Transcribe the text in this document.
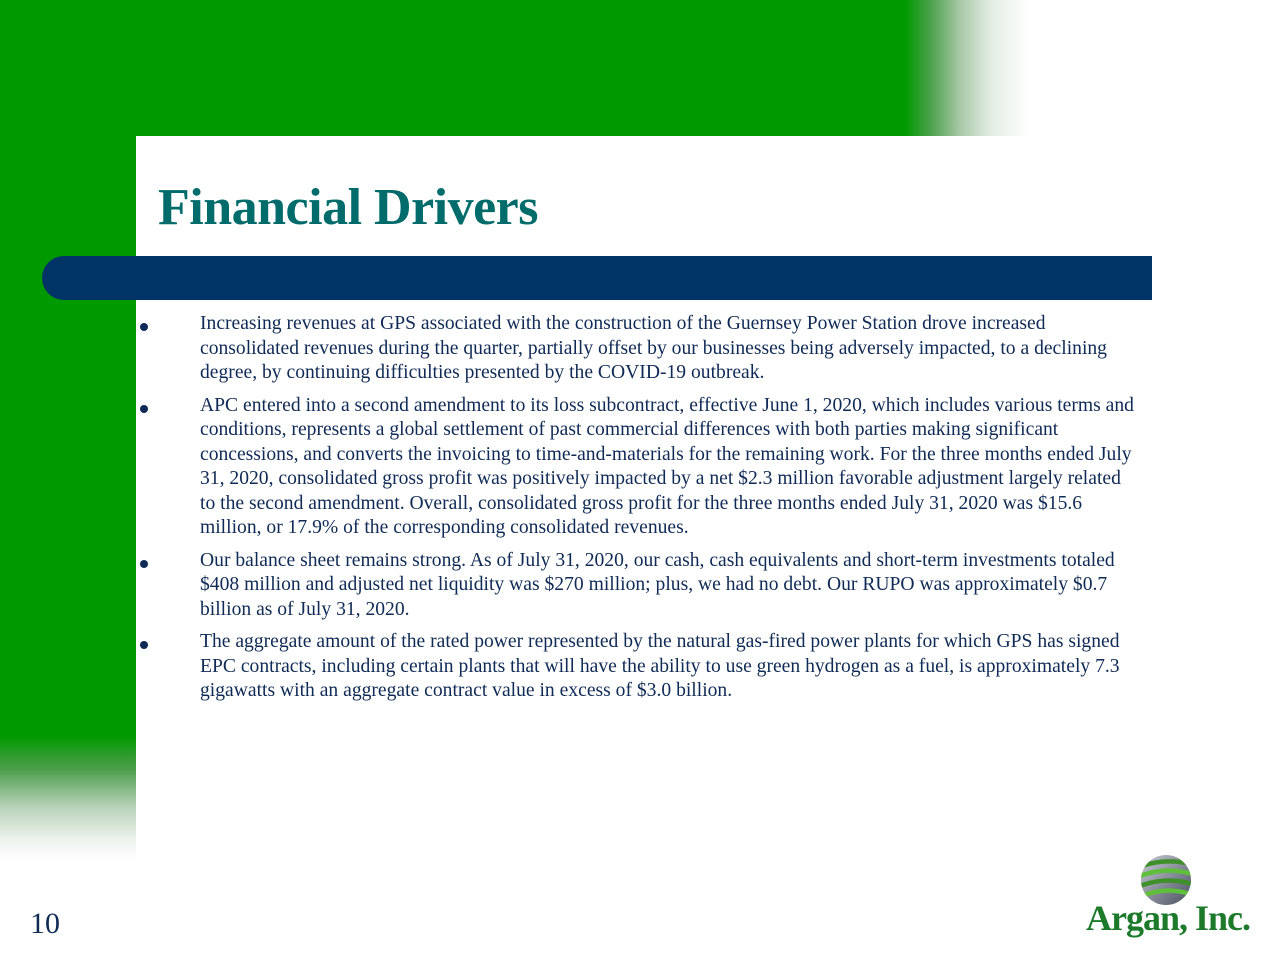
Financial Drivers
Increasing revenues at GPS associated with the construction of the Guernsey Power Station drove increased consolidated revenues during the quarter, partially offset by our businesses being adversely impacted, to a declining degree, by continuing difficulties presented by the COVID-19 outbreak.
APC entered into a second amendment to its loss subcontract, effective June 1, 2020, which includes various terms and conditions, represents a global settlement of past commercial differences with both parties making significant concessions, and converts the invoicing to time-and-materials for the remaining work. For the three months ended July 31, 2020, consolidated gross profit was positively impacted by a net $2.3 million favorable adjustment largely related to the second amendment. Overall, consolidated gross profit for the three months ended July 31, 2020 was $15.6 million, or 17.9% of the corresponding consolidated revenues.
Our balance sheet remains strong. As of July 31, 2020, our cash, cash equivalents and short-term investments totaled $408 million and adjusted net liquidity was $270 million; plus, we had no debt. Our RUPO was approximately $0.7 billion as of July 31, 2020.
The aggregate amount of the rated power represented by the natural gas-fired power plants for which GPS has signed EPC contracts, including certain plants that will have the ability to use green hydrogen as a fuel, is approximately 7.3 gigawatts with an aggregate contract value in excess of $3.0 billion.
10	Argan, Inc.
